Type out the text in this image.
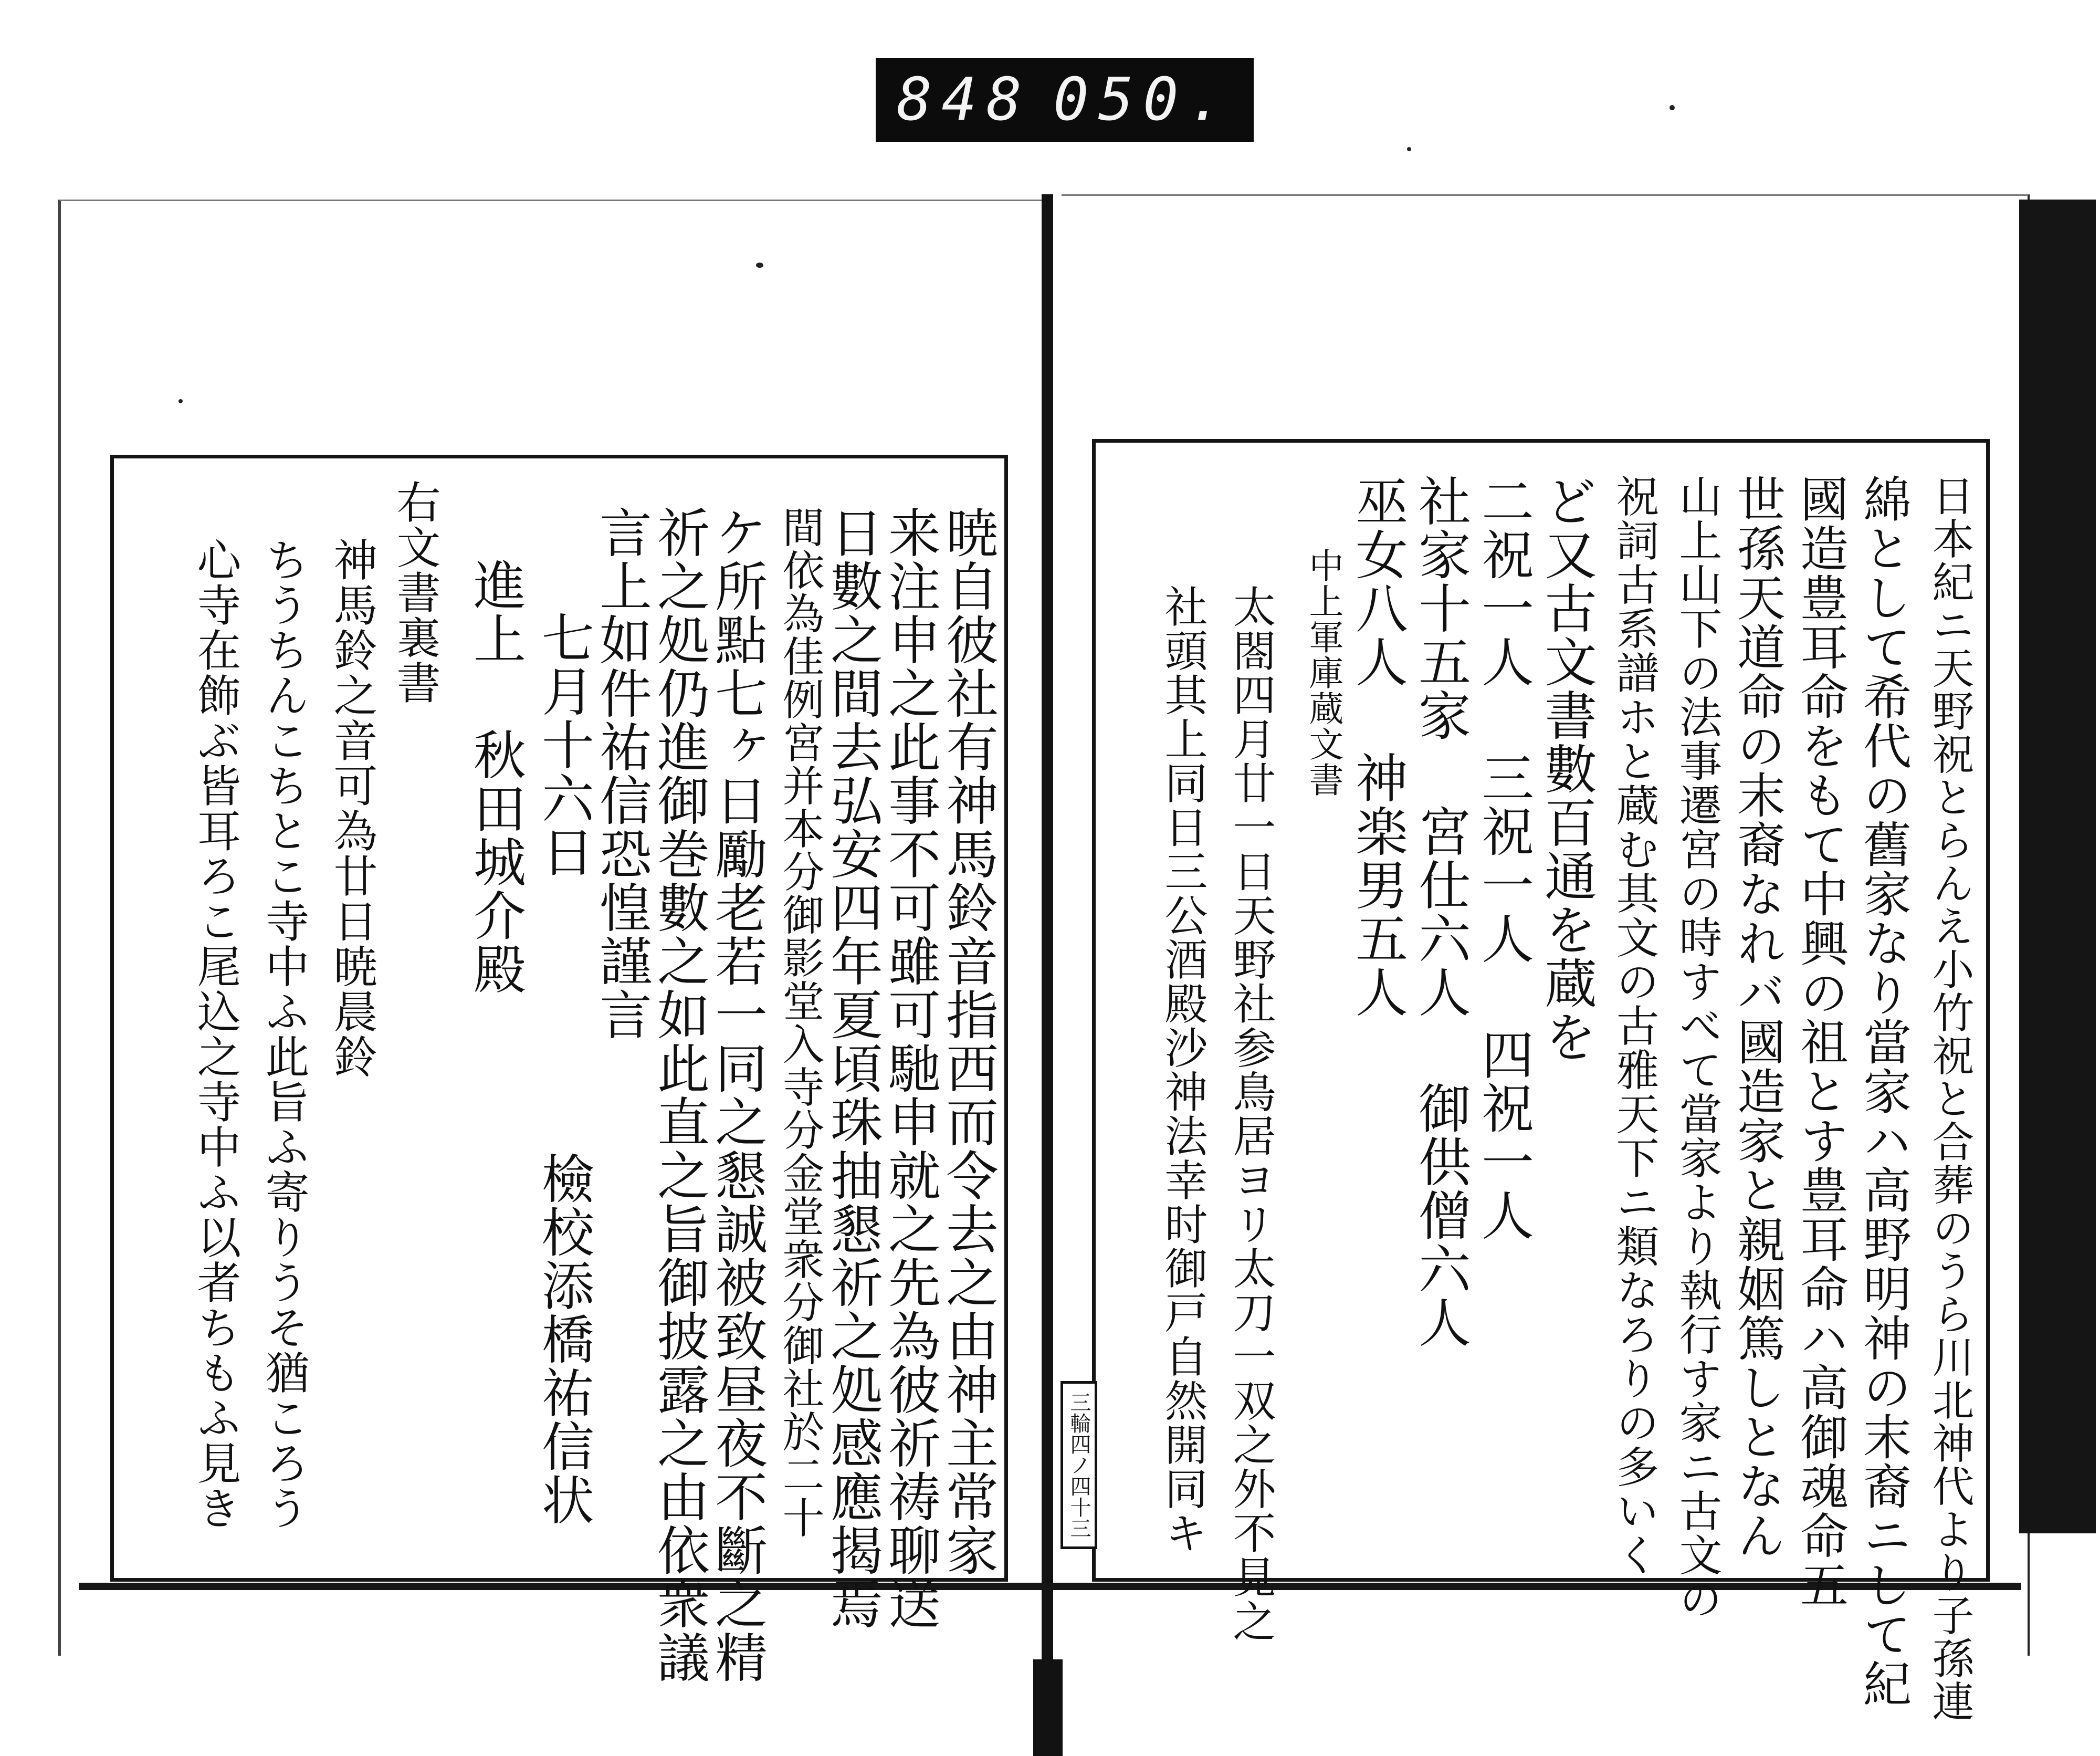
848 050.
暁自彼社有神馬鈴音指西而令去之由神主常家
来注申之此事不可雖可馳申就之先為彼祈祷聊送
日數之間去弘安四年夏頃珠抽懇祈之処感應揭焉
間依為佳例宮并本分御影堂入寺分金堂衆分御社於二十
ケ所點七ヶ日勵老若一同之懇誠被致昼夜不斷之精
祈之処仍進御巻數之如此直之旨御披露之由依衆議
言上如件祐信恐惶謹言
七月十六日
檢校添橋祐信状
進上 秋田城介殿
右文書裏書
神馬鈴之音可為廿日暁晨鈴
ちうちんこちとこ寺中ふ此旨ふ寄りうそ猶ころう
心寺在飾ぶ皆耳ろこ尾込之寺中ふ以者ちもふ見き	日本紀ニ天野祝とらんえ小竹祝と合葬のうら川北神代より子孫連
綿として希代の舊家なり當家ハ高野明神の末裔ニして紀
國造豊耳命をもて中興の祖とす豊耳命ハ高御魂命五
世孫天道命の末裔なれバ國造家と親姻篤しとなん
山上山下の法事遷宮の時すべて當家より執行す家ニ古文の
祝詞古系譜ホと蔵む其文の古雅天下ニ類なろりの多いく
ど又古文書數百通を蔵を
二祝一人 三祝一人 四祝一人
社家十五家 宮仕六人 御供僧六人
巫女八人 神楽男五人
中上軍庫蔵文書
太閤四月廿一日天野社参鳥居ヨリ太刀一双之外不見之
社頭其上同日三公酒殿沙神法幸时御戸自然開同キ
三輪四ノ四十三
